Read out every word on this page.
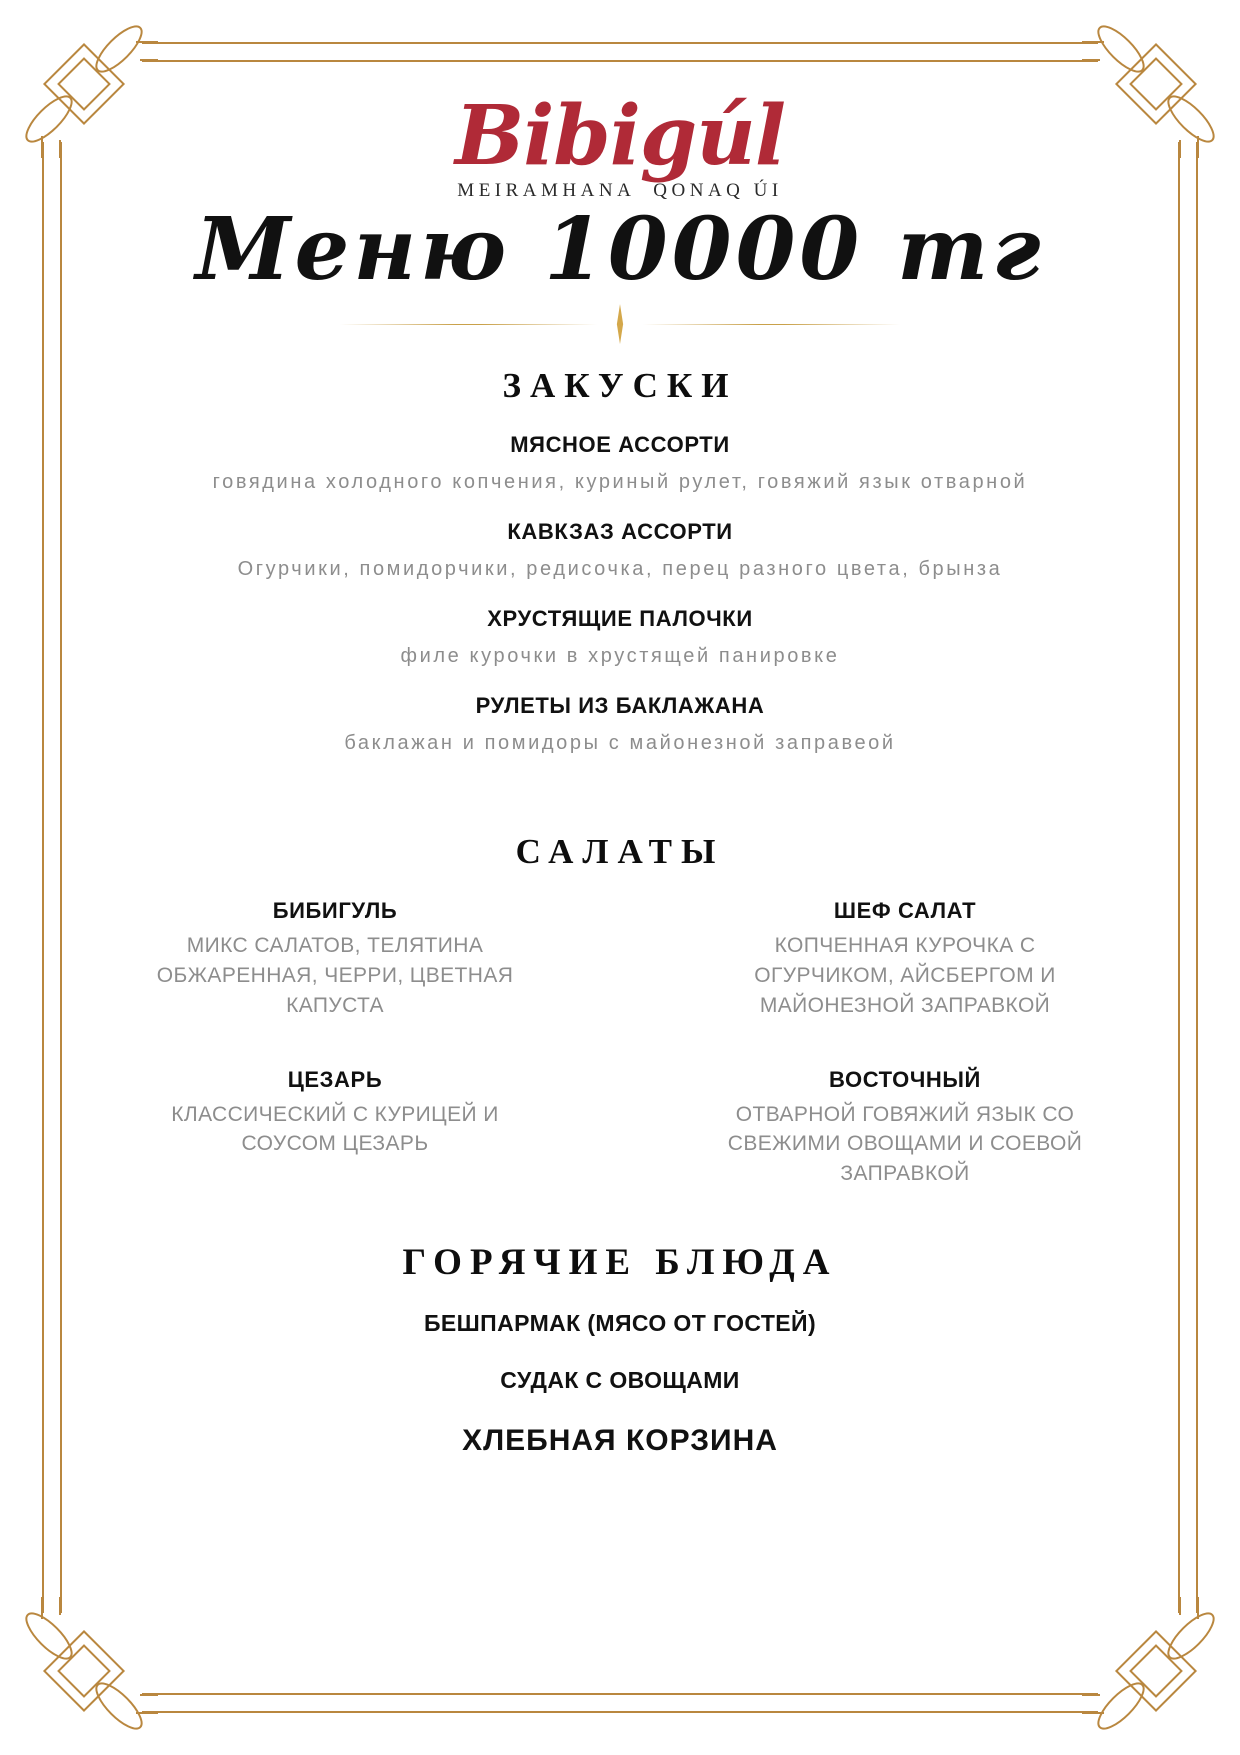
Bibigúl
MEIRAMHANA QONAQ ÚI
Меню 10000 тг
ЗАКУСКИ
МЯСНОЕ АССОРТИ
говядина холодного копчения, куриный рулет, говяжий язык отварной
КАВКЗАЗ АССОРТИ
Огурчики, помидорчики, редисочка, перец разного цвета, брынза
ХРУСТЯЩИЕ ПАЛОЧКИ
филе курочки в хрустящей панировке
РУЛЕТЫ ИЗ БАКЛАЖАНА
баклажан и помидоры с майонезной заправеой
САЛАТЫ
БИБИГУЛЬ
МИКС САЛАТОВ, ТЕЛЯТИНА ОБЖАРЕННАЯ, ЧЕРРИ, ЦВЕТНАЯ КАПУСТА
ШЕФ САЛАТ
КОПЧЕННАЯ КУРОЧКА С ОГУРЧИКОМ, АЙСБЕРГОМ И МАЙОНЕЗНОЙ ЗАПРАВКОЙ
ЦЕЗАРЬ
КЛАССИЧЕСКИЙ С КУРИЦЕЙ И СОУСОМ ЦЕЗАРЬ
ВОСТОЧНЫЙ
ОТВАРНОЙ ГОВЯЖИЙ ЯЗЫК СО СВЕЖИМИ ОВОЩАМИ И СОЕВОЙ ЗАПРАВКОЙ
ГОРЯЧИЕ БЛЮДА
БЕШПАРМАК (МЯСО ОТ ГОСТЕЙ)
СУДАК С ОВОЩАМИ
ХЛЕБНАЯ КОРЗИНА
